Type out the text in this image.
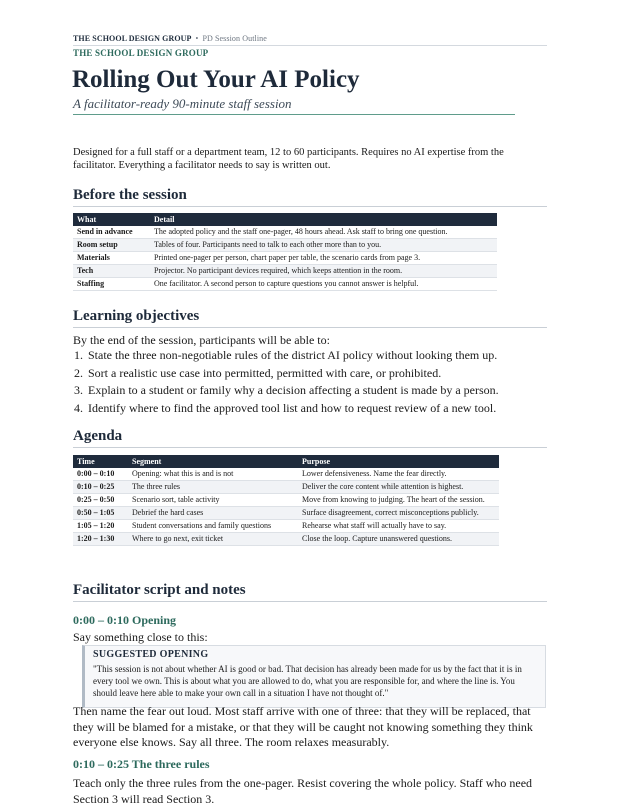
THE SCHOOL DESIGN GROUP • PD Session Outline
THE SCHOOL DESIGN GROUP
Rolling Out Your AI Policy
A facilitator-ready 90-minute staff session

Designed for a full staff or a department team, 12 to 60 participants. Requires no AI expertise from the facilitator. Everything a facilitator needs to say is written out.

Before the session
What	Detail
Send in advance	The adopted policy and the staff one-pager, 48 hours ahead. Ask staff to bring one question.
Room setup	Tables of four. Participants need to talk to each other more than to you.
Materials	Printed one-pager per person, chart paper per table, the scenario cards from page 3.
Tech	Projector. No participant devices required, which keeps attention in the room.
Staffing	One facilitator. A second person to capture questions you cannot answer is helpful.
Learning objectives
By the end of the session, participants will be able to:
1. State the three non-negotiable rules of the district AI policy without looking them up.
2. Sort a realistic use case into permitted, permitted with care, or prohibited.
3. Explain to a student or family why a decision affecting a student is made by a person.
4. Identify where to find the approved tool list and how to request review of a new tool.
Agenda
Time	Segment	Purpose
0:00 – 0:10	Opening: what this is and is not	Lower defensiveness. Name the fear directly.
0:10 – 0:25	The three rules	Deliver the core content while attention is highest.
0:25 – 0:50	Scenario sort, table activity	Move from knowing to judging. The heart of the session.
0:50 – 1:05	Debrief the hard cases	Surface disagreement, correct misconceptions publicly.
1:05 – 1:20	Student conversations and family questions	Rehearse what staff will actually have to say.
1:20 – 1:30	Where to go next, exit ticket	Close the loop. Capture unanswered questions.
Facilitator script and notes
0:00 – 0:10 Opening
Say something close to this:
SUGGESTED OPENING
"This session is not about whether AI is good or bad. That decision has already been made for us by the fact that it is in every tool we own. This is about what you are allowed to do, what you are responsible for, and where the line is. You should leave here able to make your own call in a situation I have not thought of."
Then name the fear out loud. Most staff arrive with one of three: that they will be replaced, that they will be blamed for a mistake, or that they will be caught not knowing something they think everyone else knows. Say all three. The room relaxes measurably.
0:10 – 0:25 The three rules
Teach only the three rules from the one-pager. Resist covering the whole policy. Staff who need Section 3 will read Section 3.
